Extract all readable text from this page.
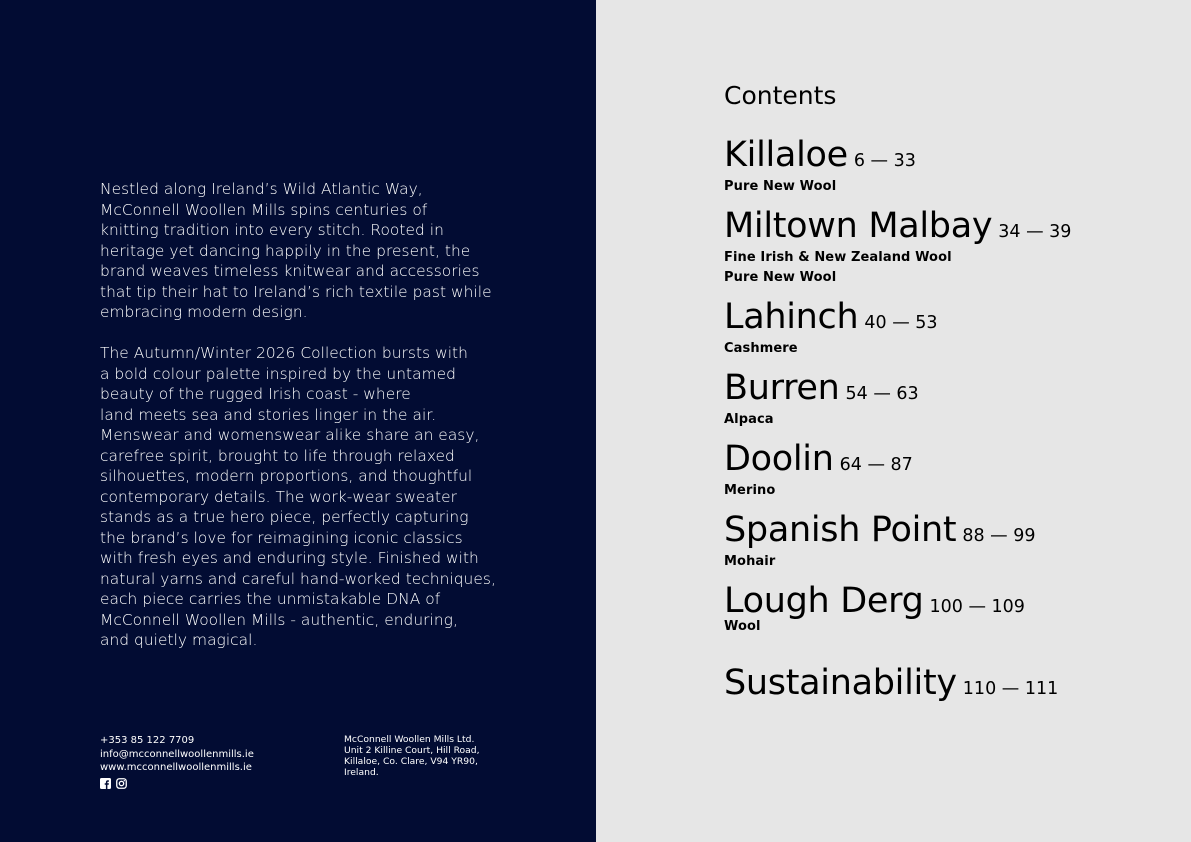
Nestled along Ireland’s Wild Atlantic Way,
McConnell Woollen Mills spins centuries of
knitting tradition into every stitch. Rooted in
heritage yet dancing happily in the present, the
brand weaves timeless knitwear and accessories
that tip their hat to Ireland’s rich textile past while
embracing modern design.

The Autumn/Winter 2026 Collection bursts with
a bold colour palette inspired by the untamed
beauty of the rugged Irish coast - where
land meets sea and stories linger in the air.
Menswear and womenswear alike share an easy,
carefree spirit, brought to life through relaxed
silhouettes, modern proportions, and thoughtful
contemporary details. The work-wear sweater
stands as a true hero piece, perfectly capturing
the brand’s love for reimagining iconic classics
with fresh eyes and enduring style. Finished with
natural yarns and careful hand-worked techniques,
each piece carries the unmistakable DNA of
McConnell Woollen Mills - authentic, enduring,
and quietly magical.

+353 85 122 7709
info@mcconnellwoollenmills.ie
www.mcconnellwoollenmills.ie
McConnell Woollen Mills Ltd.
Unit 2 Killine Court, Hill Road,
Killaloe, Co. Clare, V94 YR90,
Ireland.
Contents
Killaloe 6 — 33
Pure New Wool
Miltown Malbay 34 — 39
Fine Irish & New Zealand Wool
Pure New Wool
Lahinch 40 — 53
Cashmere
Burren 54 — 63
Alpaca
Doolin 64 — 87
Merino
Spanish Point 88 — 99
Mohair
Lough Derg 100 — 109
Wool
Sustainability 110 — 111
